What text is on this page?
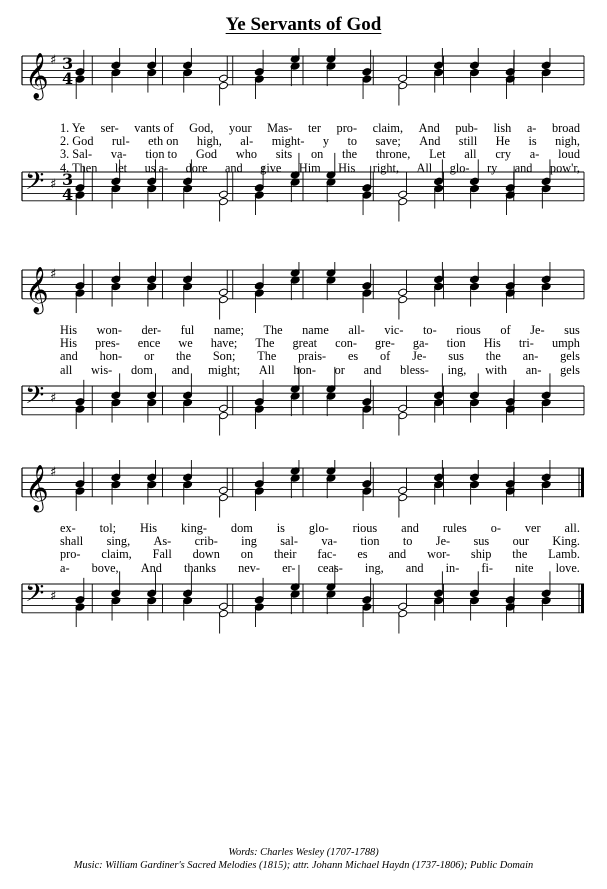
Ye Servants of God
𝄞 ♯ 3
4
𝄢 ♯ 3
4
1. Ye ser- vants of God, your Mas- ter pro- claim, And pub- lish a- broad
2. God rul- eth on high, al- might- y to save; And still He is nigh,
3. Sal- va- tion to God who sits on the throne, Let all cry a- loud
4. Then let us a- dore and give Him His right, All glo- ry and pow'r,
𝄞 ♯
𝄢 ♯
His won- der- ful name; The name all- vic- to- rious of Je- sus
His pres- ence we have; The great con- gre- ga- tion His tri- umph
and hon- or the Son; The prais- es of Je- sus the an- gels
all wis- dom and might; All hon- or and bless- ing, with an- gels
𝄞 ♯
𝄢 ♯
ex- tol; His king- dom is glo- rious and rules o- ver all.
shall sing, As- crib- ing sal- va- tion to Je- sus our King.
pro- claim, Fall down on their fac- es and wor- ship the Lamb.
a- bove, And thanks nev- er- ceas- ing, and in- fi- nite love.
Words: Charles Wesley (1707-1788)
Music: William Gardiner's Sacred Melodies (1815); attr. Johann Michael Haydn (1737-1806); Public Domain
